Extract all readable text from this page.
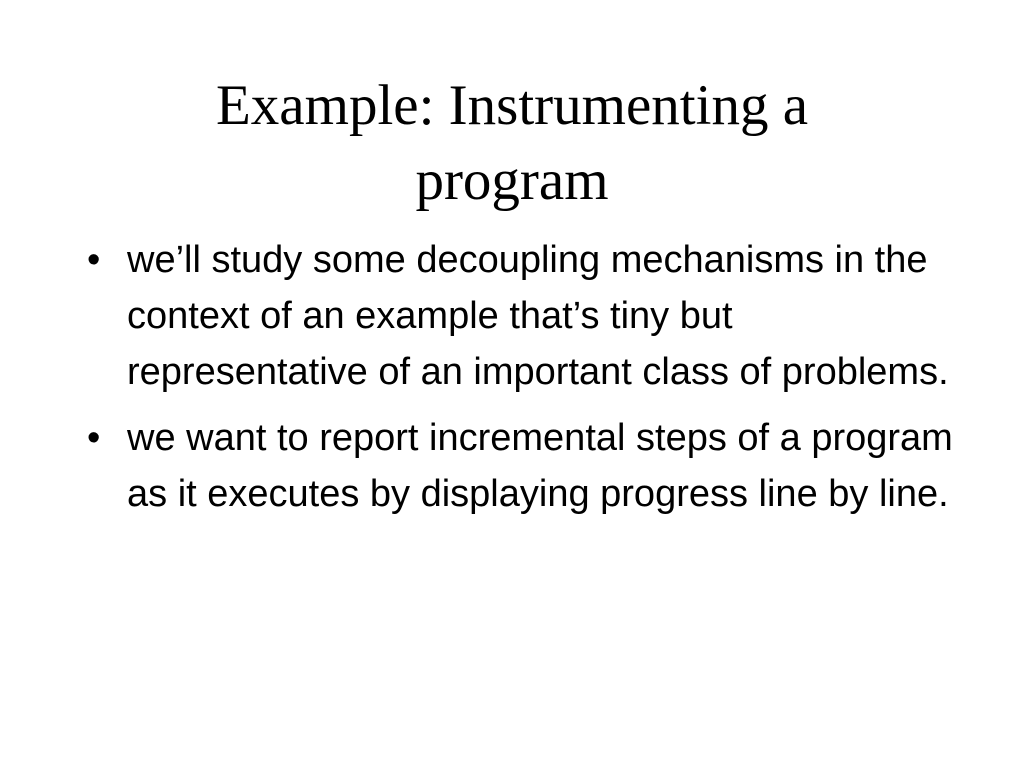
Example: Instrumenting a
program
• we’ll study some decoupling mechanisms in the context of an example that’s tiny but representative of an important class of problems.
• we want to report incremental steps of a program as it executes by displaying progress line by line.
